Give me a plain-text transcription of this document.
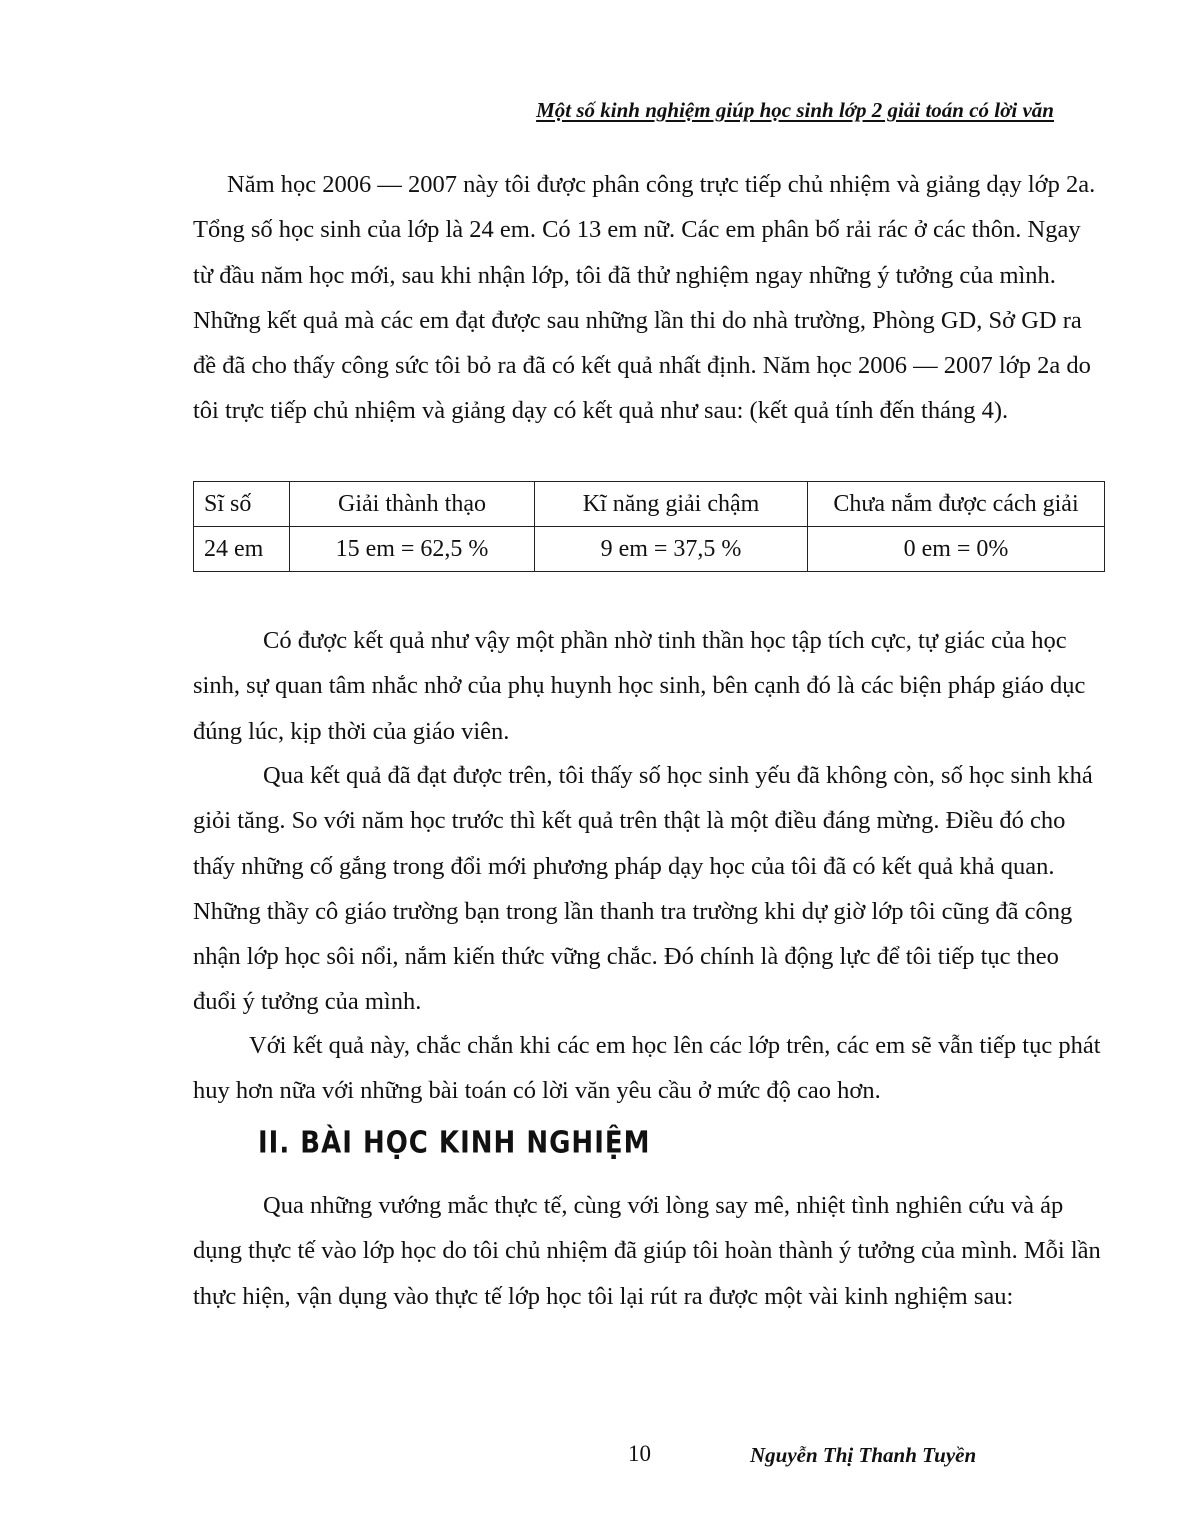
Một số kinh nghiệm giúp học sinh lớp 2 giải toán có lời văn

Năm học 2006 — 2007 này tôi được phân công trực tiếp chủ nhiệm và giảng dạy lớp 2a. Tổng số học sinh của lớp là 24 em. Có 13 em nữ. Các em phân bố rải rác ở các thôn. Ngay từ đầu năm học mới, sau khi nhận lớp, tôi đã thử nghiệm ngay những ý tưởng của mình. Những kết quả mà các em đạt được sau những lần thi do nhà trường, Phòng GD, Sở GD ra đề đã cho thấy công sức tôi bỏ ra đã có kết quả nhất định. Năm học 2006 — 2007 lớp 2a do tôi trực tiếp chủ nhiệm và giảng dạy có kết quả như sau: (kết quả tính đến tháng 4).

Sĩ số	Giải thành thạo	Kĩ năng giải chậm	Chưa nắm được cách giải
24 em	15 em = 62,5 %	9 em = 37,5 %	0 em = 0%

Có được kết quả như vậy một phần nhờ tinh thần học tập tích cực, tự giác của học sinh, sự quan tâm nhắc nhở của phụ huynh học sinh, bên cạnh đó là các biện pháp giáo dục đúng lúc, kịp thời của giáo viên.

Qua kết quả đã đạt được trên, tôi thấy số học sinh yếu đã không còn, số học sinh khá giỏi tăng. So với năm học trước thì kết quả trên thật là một điều đáng mừng. Điều đó cho thấy những cố gắng trong đổi mới phương pháp dạy học của tôi đã có kết quả khả quan. Những thầy cô giáo trường bạn trong lần thanh tra trường khi dự giờ lớp tôi cũng đã công nhận lớp học sôi nổi, nắm kiến thức vững chắc. Đó chính là động lực để tôi tiếp tục theo đuổi ý tưởng của mình.

Với kết quả này, chắc chắn khi các em học lên các lớp trên, các em sẽ vẫn tiếp tục phát huy hơn nữa với những bài toán có lời văn yêu cầu ở mức độ cao hơn.

II. BÀI HỌC KINH NGHIỆM

Qua những vướng mắc thực tế, cùng với lòng say mê, nhiệt tình nghiên cứu và áp dụng thực tế vào lớp học do tôi chủ nhiệm đã giúp tôi hoàn thành ý tưởng của mình. Mỗi lần thực hiện, vận dụng vào thực tế lớp học tôi lại rút ra được một vài kinh nghiệm sau:

10	Nguyễn Thị Thanh Tuyền
